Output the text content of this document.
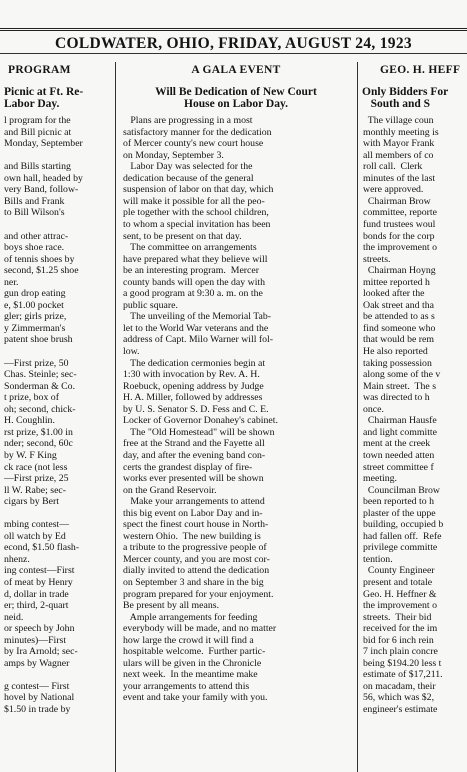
COLDWATER, OHIO, FRIDAY, AUGUST 24, 1923
PROGRAM
Picnic at Ft. Re-
Labor Day.
l program for the
and Bill picnic at
Monday, September
and Bills starting
own hall, headed by
very Band, follow-
Bills and Frank
to Bill Wilson's
and other attrac-
boys shoe race.
of tennis shoes by
second, $1.25 shoe
ner.
gun drop eating
e, $1.00 pocket
gler; girls prize,
y Zimmerman's
patent shoe brush
—First prize, 50
Chas. Steinle; sec-
Sonderman & Co.
t prize, box of
oh; second, chick-
H. Coughlin.
rst prize, $1.00 in
nder; second, 60c
by W. F King
ck race (not less
—First prize, 25
ll W. Rabe; sec-
cigars by Bert
mbing contest—
oll watch by Ed
econd, $1.50 flash-
nhenz.
ing contest—First
of meat by Henry
d, dollar in trade
er; third, 2-quart
neid.
or speech by John
minutes)—First
by Ira Arnold; sec-
amps by Wagner
g contest— First
hovel by National
$1.50 in trade by
A GALA EVENT
Will Be Dedication of New Court
House on Labor Day.
Plans are progressing in a most
satisfactory manner for the dedication
of Mercer county's new court house
on Monday, September 3.
Labor Day was selected for the
dedication because of the general
suspension of labor on that day, which
will make it possible for all the peo-
ple together with the school children,
to whom a special invitation has been
sent, to be present on that day.
The committee on arrangements
have prepared what they believe will
be an interesting program.  Mercer
county bands will open the day with
a good program at 9:30 a. m. on the
public square.
The unveiling of the Memorial Tab-
let to the World War veterans and the
address of Capt. Milo Warner will fol-
low.
The dedication cermonies begin at
1:30 with invocation by Rev. A. H.
Roebuck, opening address by Judge
H. A. Miller, followed by addresses
by U. S. Senator S. D. Fess and C. E.
Locker of Governor Donahey's cabinet.
The "Old Homestead" will be shown
free at the Strand and the Fayette all
day, and after the evening band con-
certs the grandest display of fire-
works ever presented will be shown
on the Grand Reservoir.
Make your arrangements to attend
this big event on Labor Day and in-
spect the finest court house in North-
western Ohio.  The new building is
a tribute to the progressive people of
Mercer county, and you are most cor-
dially invited to attend the dedication
on September 3 and share in the big
program prepared for your enjoyment.
Be present by all means.
Ample arrangements for feeding
everybody will be made, and no matter
how large the crowd it will find a
hospitable welcome.  Further partic-
ulars will be given in the Chronicle
next week.  In the meantime make
your arrangements to attend this
event and take your family with you.
GEO. H. HEFF
Only Bidders For
South and S
The village coun
monthly meeting is
with Mayor Frank
all members of co
roll call.  Clerk
minutes of the last
were approved.
Chairman Brow
committee, reporte
fund trustees woul
bonds for the corp
the improvement o
streets.
Chairman Hoyng
mittee reported h
looked after the
Oak street and tha
be attended to as s
find someone who
that would be rem
He also reported
taking possession
along some of the v
Main street.  The s
was directed to h
once.
Chairman Hausfe
and light committe
ment at the creek
town needed atten
street committee f
meeting.
Councilman Brow
been reported to h
plaster of the uppe
building, occupied b
had fallen off.  Refe
privilege committe
tention.
County Engineer
present and totale
Geo. H. Heffner &
the improvement o
streets.  Their bid
received for the im
bid for 6 inch rein
7 inch plain concre
being $194.20 less t
estimate of $17,211.
on macadam, their
56, which was $2,
engineer's estimate
